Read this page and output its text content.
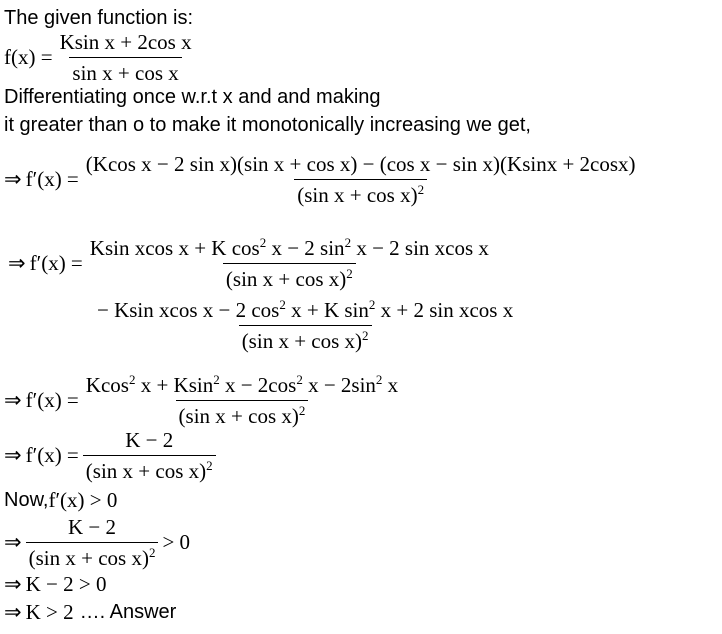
The given function is:
$f(x) = \frac{\text{Ksin x + 2cos x}}{\text{sin x + cos x}}$
Differentiating once w.r.t x and and making
it greater than o to make it monotonically increasing we get,
⇒ f′(x) =
(Kcos x − 2 sin x)(sin x + cos x) − (cos x − sin x)(Ksinx + 2cosx)
(sin x + cos x)$^2$
⇒ $f'(x) = \frac{Ksin xcos x + K \cos^2 x - 2 \sin^2 x - 2 \sin xcos x}{(\sin x + \cos x)^2}$
$\frac{- Ksin xcos x - 2 \cos^2 x + K \sin^2 x + 2 \sin xcos x}{(\sin x + \cos x)^2}$
⇒ $f'(x) = \frac{Kcos^2 x + Ksin^2 x - 2\cos^2 x - 2\sin^2 x}{(\sin x + \cos x)^2}$
⇒ $f'(x) = \frac{K - 2}{(\sin x + \cos x)^2}$
Now, f′(x) > 0
⇒ $\frac{K - 2}{(\sin x + \cos x)^2} > 0$
⇒ K − 2 > 0
⇒ K > 2 …. Answer
